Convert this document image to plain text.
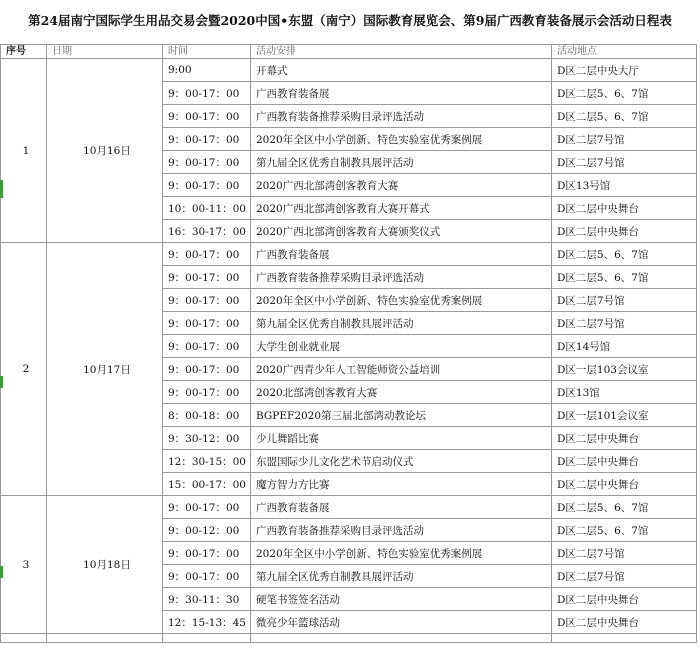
第24届南宁国际学生用品交易会暨2020中国•东盟（南宁）国际教育展览会、第9届广西教育装备展示会活动日程表
序号	日期	时间	活动安排	活动地点
1	10月16日	9:00	开幕式	D区二层中央大厅
		9：00-17：00	广西教育装备展	D区二层5、6、7馆
		9：00-17：00	广西教育装备推荐采购目录评选活动	D区二层5、6、7馆
		9：00-17：00	2020年全区中小学创新、特色实验室优秀案例展	D区二层7号馆
		9：00-17：00	第九届全区优秀自制教具展评活动	D区二层7号馆
		9：00-17：00	2020广西北部湾创客教育大赛	D区13号馆
		10：00-11：00	2020广西北部湾创客教育大赛开幕式	D区二层中央舞台
		16：30-17：00	2020广西北部湾创客教育大赛颁奖仪式	D区二层中央舞台
2	10月17日	9：00-17：00	广西教育装备展	D区二层5、6、7馆
		9：00-17：00	广西教育装备推荐采购目录评选活动	D区二层5、6、7馆
		9：00-17：00	2020年全区中小学创新、特色实验室优秀案例展	D区二层7号馆
		9：00-17：00	第九届全区优秀自制教具展评活动	D区二层7号馆
		9：00-17：00	大学生创业就业展	D区14号馆
		9：00-17：00	2020广西青少年人工智能师资公益培训	D区一层103会议室
		9：00-17：00	2020北部湾创客教育大赛	D区13馆
		8：00-18：00	BGPEF2020第三届北部湾动教论坛	D区一层101会议室
		9：30-12：00	少儿舞蹈比赛	D区二层中央舞台
		12：30-15：00	东盟国际少儿文化艺术节启动仪式	D区二层中央舞台
		15：00-17：00	魔方智力方比赛	D区二层中央舞台
3	10月18日	9：00-17：00	广西教育装备展	D区二层5、6、7馆
		9：00-12：00	广西教育装备推荐采购目录评选活动	D区二层5、6、7馆
		9：00-17：00	2020年全区中小学创新、特色实验室优秀案例展	D区二层7号馆
		9：00-17：00	第九届全区优秀自制教具展评活动	D区二层7号馆
		9：30-11：30	硬笔书签签名活动	D区二层中央舞台
		12：15-13：45	微亮少年篮球活动	D区二层中央舞台
